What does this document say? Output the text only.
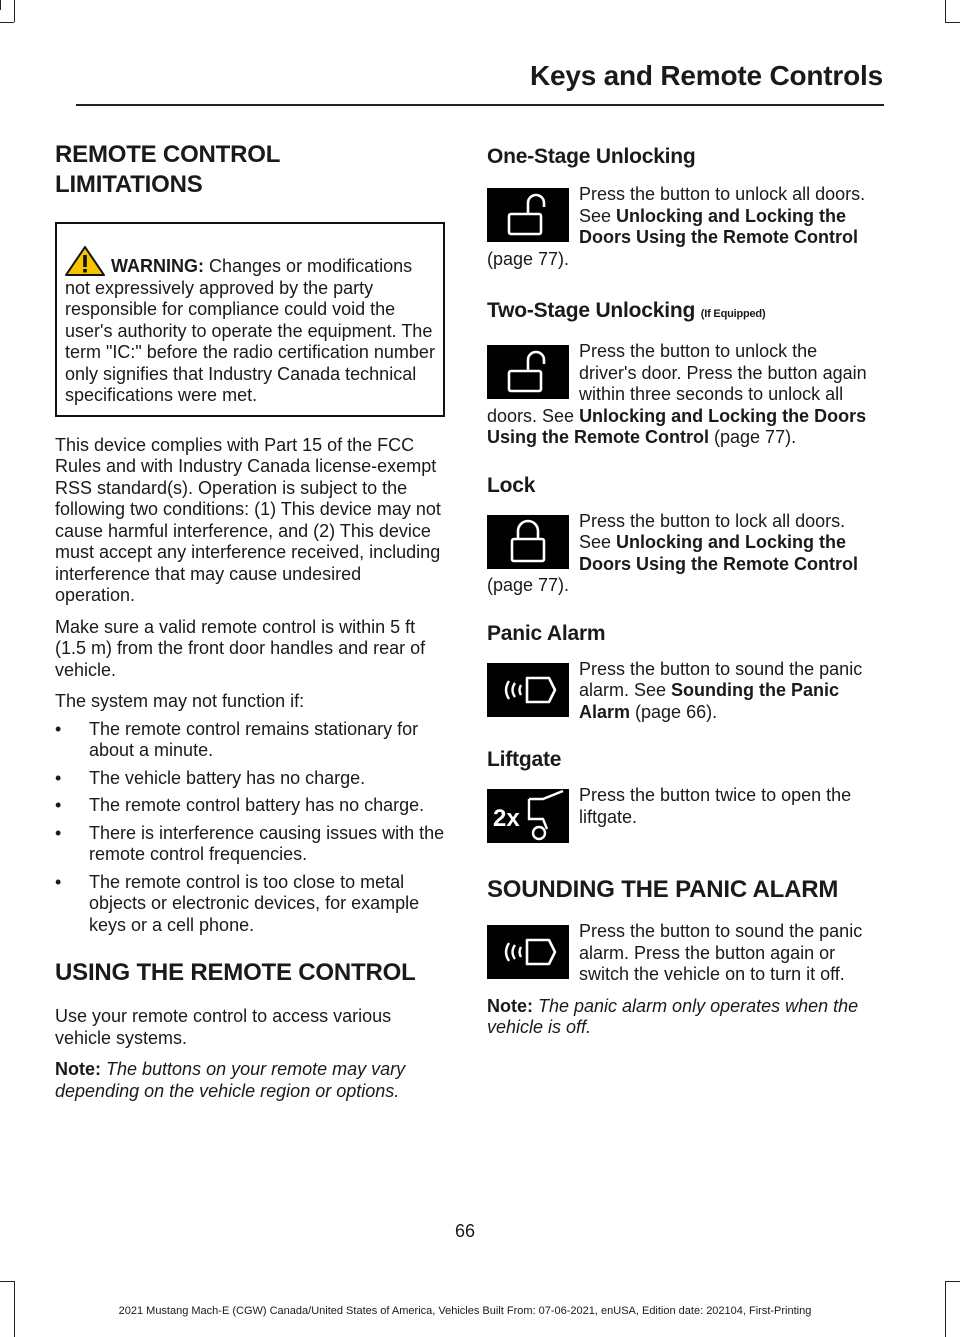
Keys and Remote Controls
REMOTE CONTROL
LIMITATIONS

WARNING: Changes or modifications not expressively approved by the party responsible for compliance could void the user's authority to operate the equipment. The term "IC:" before the radio certification number only signifies that Industry Canada technical specifications were met.

This device complies with Part 15 of the FCC Rules and with Industry Canada license-exempt RSS standard(s). Operation is subject to the following two conditions: (1) This device may not cause harmful interference, and (2) This device must accept any interference received, including interference that may cause undesired operation.

Make sure a valid remote control is within 5 ft (1.5 m) from the front door handles and rear of vehicle.

The system may not function if:

• The remote control remains stationary for about a minute.
• The vehicle battery has no charge.
• The remote control battery has no charge.
• There is interference causing issues with the remote control frequencies.
• The remote control is too close to metal objects or electronic devices, for example keys or a cell phone.
USING THE REMOTE CONTROL

Use your remote control to access various vehicle systems.

Note: The buttons on your remote may vary depending on the vehicle region or options.

One-Stage Unlocking

Press the button to unlock all doors. See Unlocking and Locking the Doors Using the Remote Control (page 77).

Two-Stage Unlocking (If Equipped)

Press the button to unlock the driver's door. Press the button again within three seconds to unlock all doors. See Unlocking and Locking the Doors Using the Remote Control (page 77).

Lock

Press the button to lock all doors. See Unlocking and Locking the Doors Using the Remote Control (page 77).

Panic Alarm

Press the button to sound the panic alarm. See Sounding the Panic Alarm (page 66).

Liftgate
2x

Press the button twice to open the liftgate.

SOUNDING THE PANIC ALARM

Press the button to sound the panic alarm. Press the button again or switch the vehicle on to turn it off.

Note: The panic alarm only operates when the vehicle is off.

66
2021 Mustang Mach-E (CGW) Canada/United States of America, Vehicles Built From: 07-06-2021, enUSA, Edition date: 202104, First-Printing
